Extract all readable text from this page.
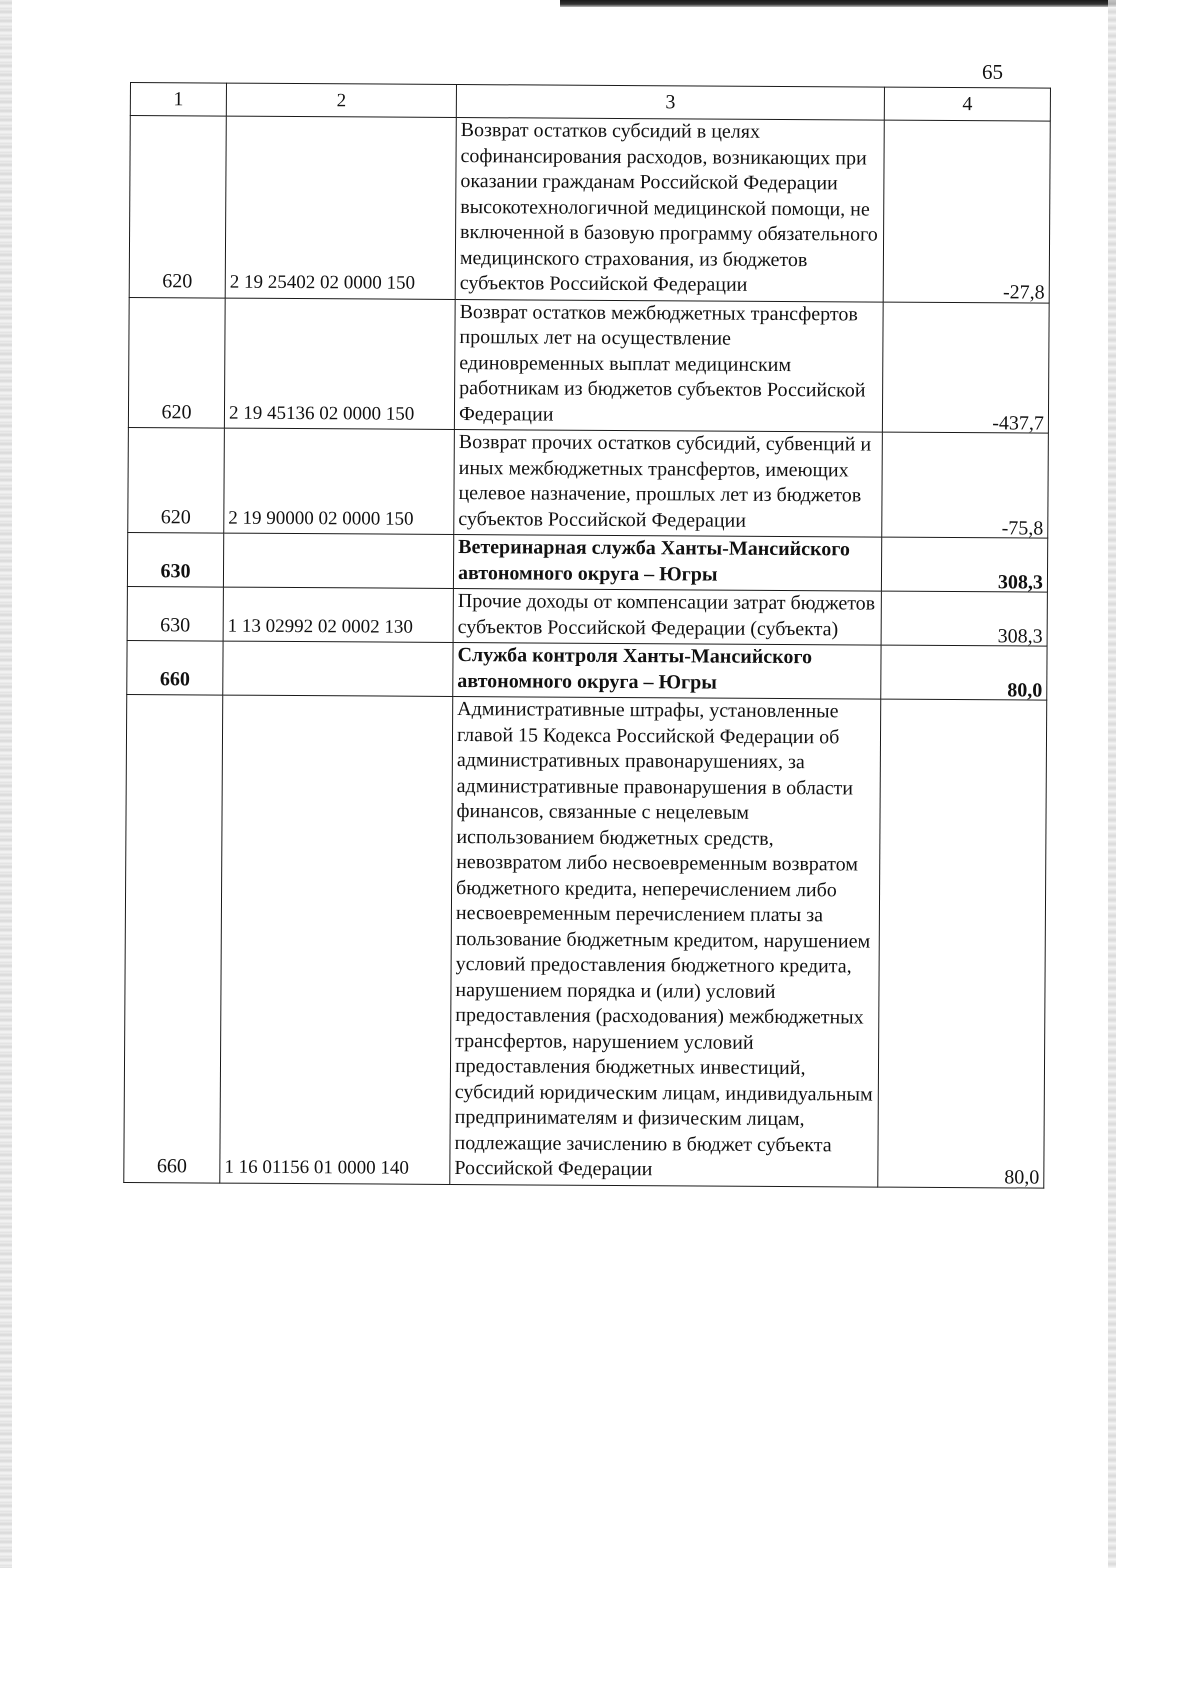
65
1	2	3	4
620	2 19 25402 02 0000 150	Возврат остатков субсидий в целях софинансирования расходов, возникающих при оказании гражданам Российской Федерации высокотехнологичной медицинской помощи, не включенной в базовую программу обязательного медицинского страхования, из бюджетов субъектов Российской Федерации	-27,8
620	2 19 45136 02 0000 150	Возврат остатков межбюджетных трансфертов прошлых лет на осуществление единовременных выплат медицинским работникам из бюджетов субъектов Российской Федерации	-437,7
620	2 19 90000 02 0000 150	Возврат прочих остатков субсидий, субвенций и иных межбюджетных трансфертов, имеющих целевое назначение, прошлых лет из бюджетов субъектов Российской Федерации	-75,8
630		Ветеринарная служба Ханты-Мансийского автономного округа – Югры	308,3
630	1 13 02992 02 0002 130	Прочие доходы от компенсации затрат бюджетов субъектов Российской Федерации (субъекта)	308,3
660		Служба контроля Ханты-Мансийского автономного округа – Югры	80,0
660	1 16 01156 01 0000 140	Административные штрафы, установленные главой 15 Кодекса Российской Федерации об административных правонарушениях, за административные правонарушения в области финансов, связанные с нецелевым использованием бюджетных средств, невозвратом либо несвоевременным возвратом бюджетного кредита, неперечислением либо несвоевременным перечислением платы за пользование бюджетным кредитом, нарушением условий предоставления бюджетного кредита, нарушением порядка и (или) условий предоставления (расходования) межбюджетных трансфертов, нарушением условий предоставления бюджетных инвестиций, субсидий юридическим лицам, индивидуальным предпринимателям и физическим лицам, подлежащие зачислению в бюджет субъекта Российской Федерации	80,0
